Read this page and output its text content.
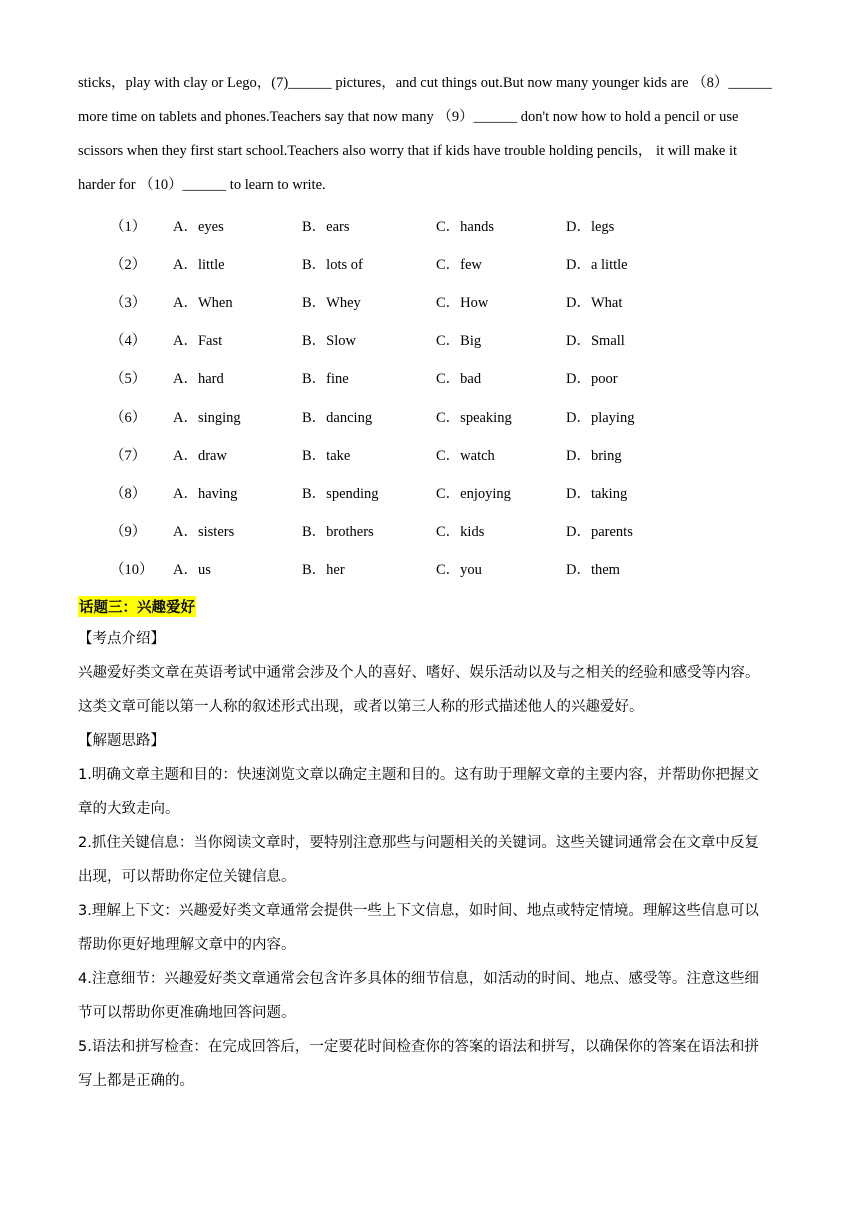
sticks，play with clay or Lego，(7)______ pictures，and cut things out.But now many younger kids are （8）______
more time on tablets and phones.Teachers say that now many （9）______ don't now how to hold a pencil or use
scissors when they first start school.Teachers also worry that if kids have trouble holding pencils， it will make it
harder for （10）______ to learn to write.

（1）	A．eyes	B．ears	C．hands	D．legs
（2）	A．little	B．lots of	C．few	D．a little
（3）	A．When	B．Whey	C．How	D．What
（4）	A．Fast	B．Slow	C．Big	D．Small
（5）	A．hard	B．fine	C．bad	D．poor
（6）	A．singing	B．dancing	C．speaking	D．playing
（7）	A．draw	B．take	C．watch	D．bring
（8）	A．having	B．spending	C．enjoying	D．taking
（9）	A．sisters	B．brothers	C．kids	D．parents
（10）	A．us	B．her	C．you	D．them
话题三：兴趣爱好

【考点介绍】

兴趣爱好类文章在英语考试中通常会涉及个人的喜好、嗜好、娱乐活动以及与之相关的经验和感受等内容。
这类文章可能以第一人称的叙述形式出现，或者以第三人称的形式描述他人的兴趣爱好。

【解题思路】

1.明确文章主题和目的：快速浏览文章以确定主题和目的。这有助于理解文章的主要内容，并帮助你把握文
章的大致走向。

2.抓住关键信息：当你阅读文章时，要特别注意那些与问题相关的关键词。这些关键词通常会在文章中反复
出现，可以帮助你定位关键信息。

3.理解上下文：兴趣爱好类文章通常会提供一些上下文信息，如时间、地点或特定情境。理解这些信息可以
帮助你更好地理解文章中的内容。

4.注意细节：兴趣爱好类文章通常会包含许多具体的细节信息，如活动的时间、地点、感受等。注意这些细
节可以帮助你更准确地回答问题。

5.语法和拼写检查：在完成回答后，一定要花时间检查你的答案的语法和拼写，以确保你的答案在语法和拼
写上都是正确的。
